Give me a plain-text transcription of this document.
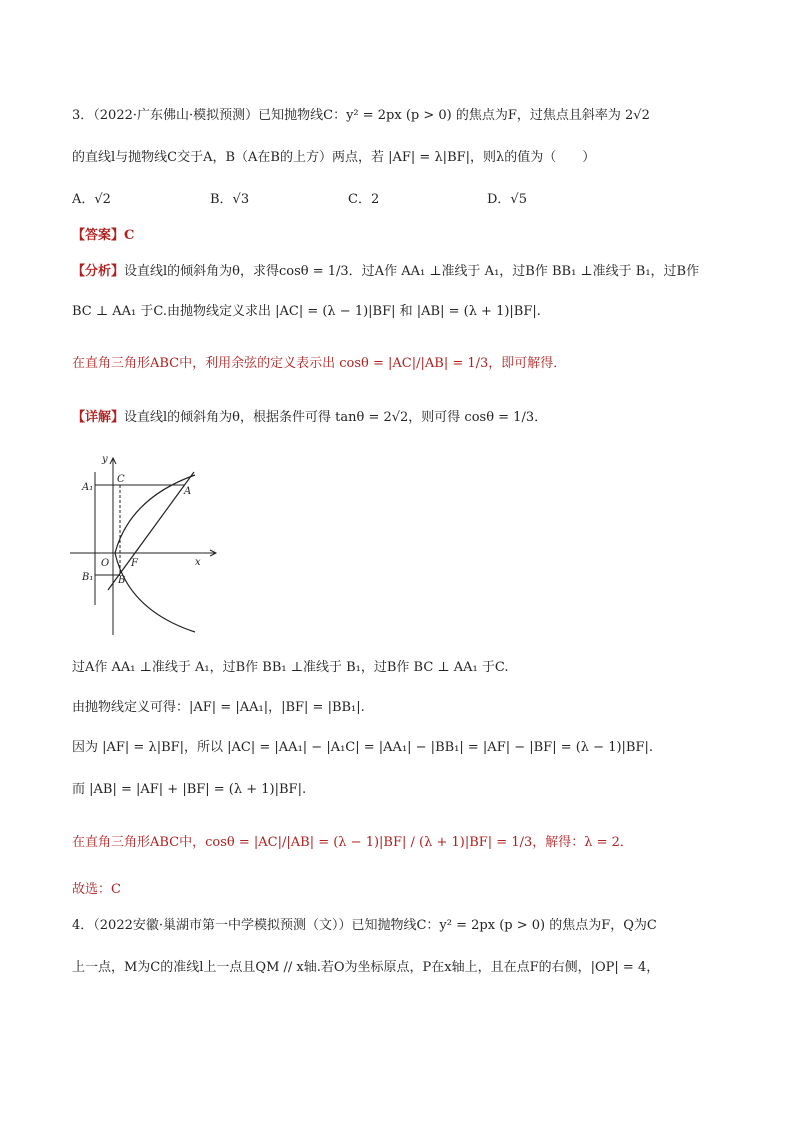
3．（2022·广东佛山·模拟预测）已知抛物线C：y² = 2px (p > 0) 的焦点为F，过焦点且斜率为 2√2
的直线l与抛物线C交于A，B（A在B的上方）两点，若 |AF| = λ|BF|，则λ的值为（　　）
A．√2	B．√3	C．2	D．√5
【答案】C
【分析】设直线l的倾斜角为θ，求得cosθ = 1/3．过A作 AA₁ ⊥准线于 A₁，过B作 BB₁ ⊥准线于 B₁，过B作
BC ⊥ AA₁ 于C.由抛物线定义求出 |AC| = (λ − 1)|BF| 和 |AB| = (λ + 1)|BF|.
在直角三角形ABC中，利用余弦的定义表示出 cosθ = |AC|/|AB| = 1/3，即可解得．
【详解】设直线l的倾斜角为θ，根据条件可得 tanθ = 2√2，则可得 cosθ = 1/3．
y
x
O F
A
A₁
C
B₁ B
过A作 AA₁ ⊥准线于 A₁，过B作 BB₁ ⊥准线于 B₁，过B作 BC ⊥ AA₁ 于C.
由抛物线定义可得：|AF| = |AA₁|，|BF| = |BB₁|.
因为 |AF| = λ|BF|，所以 |AC| = |AA₁| − |A₁C| = |AA₁| − |BB₁| = |AF| − |BF| = (λ − 1)|BF|.
而 |AB| = |AF| + |BF| = (λ + 1)|BF|.
在直角三角形ABC中，cosθ = |AC|/|AB| = (λ − 1)|BF| / (λ + 1)|BF| = 1/3，解得：λ = 2．
故选：C
4．（2022安徽·巢湖市第一中学模拟预测（文））已知抛物线C：y² = 2px (p > 0) 的焦点为F，Q为C
上一点，M为C的准线l上一点且QM // x轴.若O为坐标原点，P在x轴上，且在点F的右侧，|OP| = 4，
